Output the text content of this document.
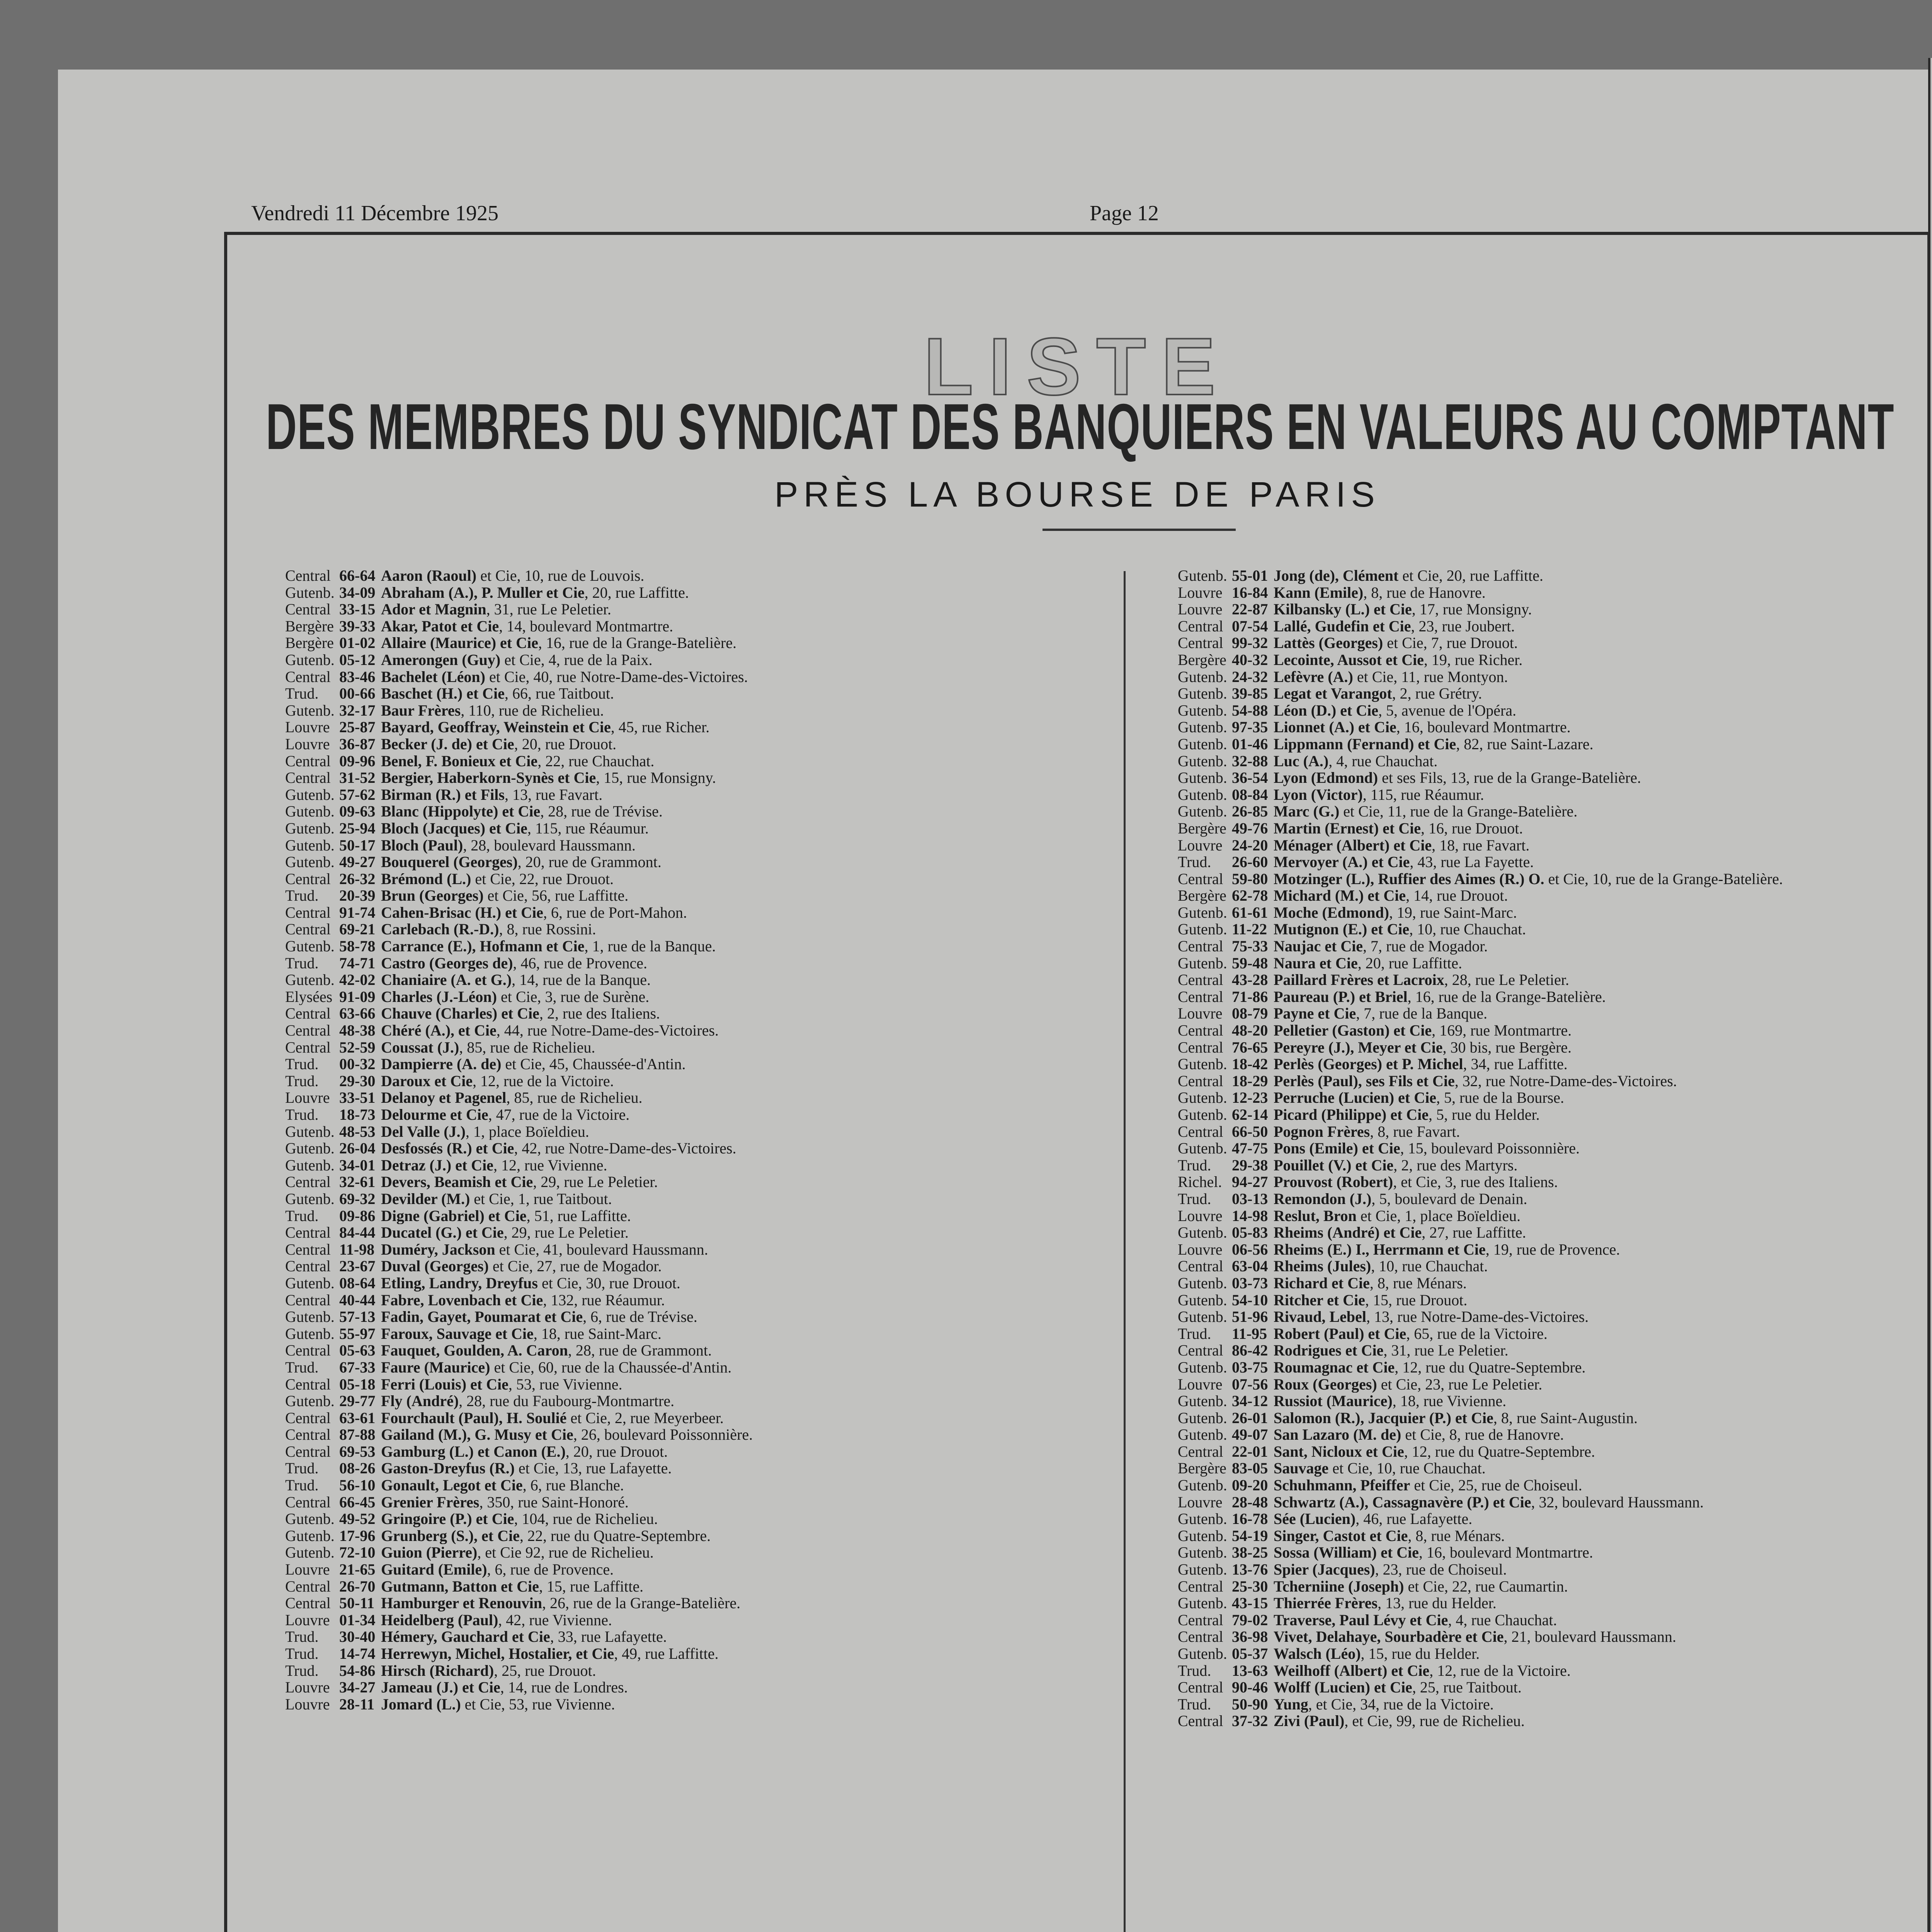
Vendredi 11 Décembre 1925	Page 12
LISTE
DES MEMBRES DU SYNDICAT DES BANQUIERS EN VALEURS AU COMPTANT
PRÈS LA BOURSE DE PARIS
Central 66-64 Aaron (Raoul) et Cie, 10, rue de Louvois.
Gutenb. 34-09 Abraham (A.), P. Muller et Cie, 20, rue Laffitte.
Central 33-15 Ador et Magnin, 31, rue Le Peletier.
Bergère 39-33 Akar, Patot et Cie, 14, boulevard Montmartre.
Bergère 01-02 Allaire (Maurice) et Cie, 16, rue de la Grange-Batelière.
Gutenb. 05-12 Amerongen (Guy) et Cie, 4, rue de la Paix.
Central 83-46 Bachelet (Léon) et Cie, 40, rue Notre-Dame-des-Victoires.
Trud. 00-66 Baschet (H.) et Cie, 66, rue Taitbout.
Gutenb. 32-17 Baur Frères, 110, rue de Richelieu.
Louvre 25-87 Bayard, Geoffray, Weinstein et Cie, 45, rue Richer.
Louvre 36-87 Becker (J. de) et Cie, 20, rue Drouot.
Central 09-96 Benel, F. Bonieux et Cie, 22, rue Chauchat.
Central 31-52 Bergier, Haberkorn-Synès et Cie, 15, rue Monsigny.
Gutenb. 57-62 Birman (R.) et Fils, 13, rue Favart.
Gutenb. 09-63 Blanc (Hippolyte) et Cie, 28, rue de Trévise.
Gutenb. 25-94 Bloch (Jacques) et Cie, 115, rue Réaumur.
Gutenb. 50-17 Bloch (Paul), 28, boulevard Haussmann.
Gutenb. 49-27 Bouquerel (Georges), 20, rue de Grammont.
Central 26-32 Brémond (L.) et Cie, 22, rue Drouot.
Trud. 20-39 Brun (Georges) et Cie, 56, rue Laffitte.
Central 91-74 Cahen-Brisac (H.) et Cie, 6, rue de Port-Mahon.
Central 69-21 Carlebach (R.-D.), 8, rue Rossini.
Gutenb. 58-78 Carrance (E.), Hofmann et Cie, 1, rue de la Banque.
Trud. 74-71 Castro (Georges de), 46, rue de Provence.
Gutenb. 42-02 Chaniaire (A. et G.), 14, rue de la Banque.
Elysées 91-09 Charles (J.-Léon) et Cie, 3, rue de Surène.
Central 63-66 Chauve (Charles) et Cie, 2, rue des Italiens.
Central 48-38 Chéré (A.), et Cie, 44, rue Notre-Dame-des-Victoires.
Central 52-59 Coussat (J.), 85, rue de Richelieu.
Trud. 00-32 Dampierre (A. de) et Cie, 45, Chaussée-d'Antin.
Trud. 29-30 Daroux et Cie, 12, rue de la Victoire.
Louvre 33-51 Delanoy et Pagenel, 85, rue de Richelieu.
Trud. 18-73 Delourme et Cie, 47, rue de la Victoire.
Gutenb. 48-53 Del Valle (J.), 1, place Boïeldieu.
Gutenb. 26-04 Desfossés (R.) et Cie, 42, rue Notre-Dame-des-Victoires.
Gutenb. 34-01 Detraz (J.) et Cie, 12, rue Vivienne.
Central 32-61 Devers, Beamish et Cie, 29, rue Le Peletier.
Gutenb. 69-32 Devilder (M.) et Cie, 1, rue Taitbout.
Trud. 09-86 Digne (Gabriel) et Cie, 51, rue Laffitte.
Central 84-44 Ducatel (G.) et Cie, 29, rue Le Peletier.
Central 11-98 Duméry, Jackson et Cie, 41, boulevard Haussmann.
Central 23-67 Duval (Georges) et Cie, 27, rue de Mogador.
Gutenb. 08-64 Etling, Landry, Dreyfus et Cie, 30, rue Drouot.
Central 40-44 Fabre, Lovenbach et Cie, 132, rue Réaumur.
Gutenb. 57-13 Fadin, Gayet, Poumarat et Cie, 6, rue de Trévise.
Gutenb. 55-97 Faroux, Sauvage et Cie, 18, rue Saint-Marc.
Central 05-63 Fauquet, Goulden, A. Caron, 28, rue de Grammont.
Trud. 67-33 Faure (Maurice) et Cie, 60, rue de la Chaussée-d'Antin.
Central 05-18 Ferri (Louis) et Cie, 53, rue Vivienne.
Gutenb. 29-77 Fly (André), 28, rue du Faubourg-Montmartre.
Central 63-61 Fourchault (Paul), H. Soulié et Cie, 2, rue Meyerbeer.
Central 87-88 Gailand (M.), G. Musy et Cie, 26, boulevard Poissonnière.
Central 69-53 Gamburg (L.) et Canon (E.), 20, rue Drouot.
Trud. 08-26 Gaston-Dreyfus (R.) et Cie, 13, rue Lafayette.
Trud. 56-10 Gonault, Legot et Cie, 6, rue Blanche.
Central 66-45 Grenier Frères, 350, rue Saint-Honoré.
Gutenb. 49-52 Gringoire (P.) et Cie, 104, rue de Richelieu.
Gutenb. 17-96 Grunberg (S.), et Cie, 22, rue du Quatre-Septembre.
Gutenb. 72-10 Guion (Pierre), et Cie 92, rue de Richelieu.
Louvre 21-65 Guitard (Emile), 6, rue de Provence.
Central 26-70 Gutmann, Batton et Cie, 15, rue Laffitte.
Central 50-11 Hamburger et Renouvin, 26, rue de la Grange-Batelière.
Louvre 01-34 Heidelberg (Paul), 42, rue Vivienne.
Trud. 30-40 Hémery, Gauchard et Cie, 33, rue Lafayette.
Trud. 14-74 Herrewyn, Michel, Hostalier, et Cie, 49, rue Laffitte.
Trud. 54-86 Hirsch (Richard), 25, rue Drouot.
Louvre 34-27 Jameau (J.) et Cie, 14, rue de Londres.
Louvre 28-11 Jomard (L.) et Cie, 53, rue Vivienne.
Gutenb. 55-01 Jong (de), Clément et Cie, 20, rue Laffitte.
Louvre 16-84 Kann (Emile), 8, rue de Hanovre.
Louvre 22-87 Kilbansky (L.) et Cie, 17, rue Monsigny.
Central 07-54 Lallé, Gudefin et Cie, 23, rue Joubert.
Central 99-32 Lattès (Georges) et Cie, 7, rue Drouot.
Bergère 40-32 Lecointe, Aussot et Cie, 19, rue Richer.
Gutenb. 24-32 Lefèvre (A.) et Cie, 11, rue Montyon.
Gutenb. 39-85 Legat et Varangot, 2, rue Grétry.
Gutenb. 54-88 Léon (D.) et Cie, 5, avenue de l'Opéra.
Gutenb. 97-35 Lionnet (A.) et Cie, 16, boulevard Montmartre.
Gutenb. 01-46 Lippmann (Fernand) et Cie, 82, rue Saint-Lazare.
Gutenb. 32-88 Luc (A.), 4, rue Chauchat.
Gutenb. 36-54 Lyon (Edmond) et ses Fils, 13, rue de la Grange-Batelière.
Gutenb. 08-84 Lyon (Victor), 115, rue Réaumur.
Gutenb. 26-85 Marc (G.) et Cie, 11, rue de la Grange-Batelière.
Bergère 49-76 Martin (Ernest) et Cie, 16, rue Drouot.
Louvre 24-20 Ménager (Albert) et Cie, 18, rue Favart.
Trud. 26-60 Mervoyer (A.) et Cie, 43, rue La Fayette.
Central 59-80 Motzinger (L.), Ruffier des Aimes (R.) O. et Cie, 10, rue de la Grange-Batelière.
Bergère 62-78 Michard (M.) et Cie, 14, rue Drouot.
Gutenb. 61-61 Moche (Edmond), 19, rue Saint-Marc.
Gutenb. 11-22 Mutignon (E.) et Cie, 10, rue Chauchat.
Central 75-33 Naujac et Cie, 7, rue de Mogador.
Gutenb. 59-48 Naura et Cie, 20, rue Laffitte.
Central 43-28 Paillard Frères et Lacroix, 28, rue Le Peletier.
Central 71-86 Paureau (P.) et Briel, 16, rue de la Grange-Batelière.
Louvre 08-79 Payne et Cie, 7, rue de la Banque.
Central 48-20 Pelletier (Gaston) et Cie, 169, rue Montmartre.
Central 76-65 Pereyre (J.), Meyer et Cie, 30 bis, rue Bergère.
Gutenb. 18-42 Perlès (Georges) et P. Michel, 34, rue Laffitte.
Central 18-29 Perlès (Paul), ses Fils et Cie, 32, rue Notre-Dame-des-Victoires.
Gutenb. 12-23 Perruche (Lucien) et Cie, 5, rue de la Bourse.
Gutenb. 62-14 Picard (Philippe) et Cie, 5, rue du Helder.
Central 66-50 Pognon Frères, 8, rue Favart.
Gutenb. 47-75 Pons (Emile) et Cie, 15, boulevard Poissonnière.
Trud. 29-38 Pouillet (V.) et Cie, 2, rue des Martyrs.
Richel. 94-27 Prouvost (Robert), et Cie, 3, rue des Italiens.
Trud. 03-13 Remondon (J.), 5, boulevard de Denain.
Louvre 14-98 Reslut, Bron et Cie, 1, place Boïeldieu.
Gutenb. 05-83 Rheims (André) et Cie, 27, rue Laffitte.
Louvre 06-56 Rheims (E.) I., Herrmann et Cie, 19, rue de Provence.
Central 63-04 Rheims (Jules), 10, rue Chauchat.
Gutenb. 03-73 Richard et Cie, 8, rue Ménars.
Gutenb. 54-10 Ritcher et Cie, 15, rue Drouot.
Gutenb. 51-96 Rivaud, Lebel, 13, rue Notre-Dame-des-Victoires.
Trud. 11-95 Robert (Paul) et Cie, 65, rue de la Victoire.
Central 86-42 Rodrigues et Cie, 31, rue Le Peletier.
Gutenb. 03-75 Roumagnac et Cie, 12, rue du Quatre-Septembre.
Louvre 07-56 Roux (Georges) et Cie, 23, rue Le Peletier.
Gutenb. 34-12 Russiot (Maurice), 18, rue Vivienne.
Gutenb. 26-01 Salomon (R.), Jacquier (P.) et Cie, 8, rue Saint-Augustin.
Gutenb. 49-07 San Lazaro (M. de) et Cie, 8, rue de Hanovre.
Central 22-01 Sant, Nicloux et Cie, 12, rue du Quatre-Septembre.
Bergère 83-05 Sauvage et Cie, 10, rue Chauchat.
Gutenb. 09-20 Schuhmann, Pfeiffer et Cie, 25, rue de Choiseul.
Louvre 28-48 Schwartz (A.), Cassagnavère (P.) et Cie, 32, boulevard Haussmann.
Gutenb. 16-78 Sée (Lucien), 46, rue Lafayette.
Gutenb. 54-19 Singer, Castot et Cie, 8, rue Ménars.
Gutenb. 38-25 Sossa (William) et Cie, 16, boulevard Montmartre.
Gutenb. 13-76 Spier (Jacques), 23, rue de Choiseul.
Central 25-30 Tcherniine (Joseph) et Cie, 22, rue Caumartin.
Gutenb. 43-15 Thierrée Frères, 13, rue du Helder.
Central 79-02 Traverse, Paul Lévy et Cie, 4, rue Chauchat.
Central 36-98 Vivet, Delahaye, Sourbadère et Cie, 21, boulevard Haussmann.
Gutenb. 05-37 Walsch (Léo), 15, rue du Helder.
Trud. 13-63 Weilhoff (Albert) et Cie, 12, rue de la Victoire.
Central 90-46 Wolff (Lucien) et Cie, 25, rue Taitbout.
Trud. 50-90 Yung, et Cie, 34, rue de la Victoire.
Central 37-32 Zivi (Paul), et Cie, 99, rue de Richelieu.
